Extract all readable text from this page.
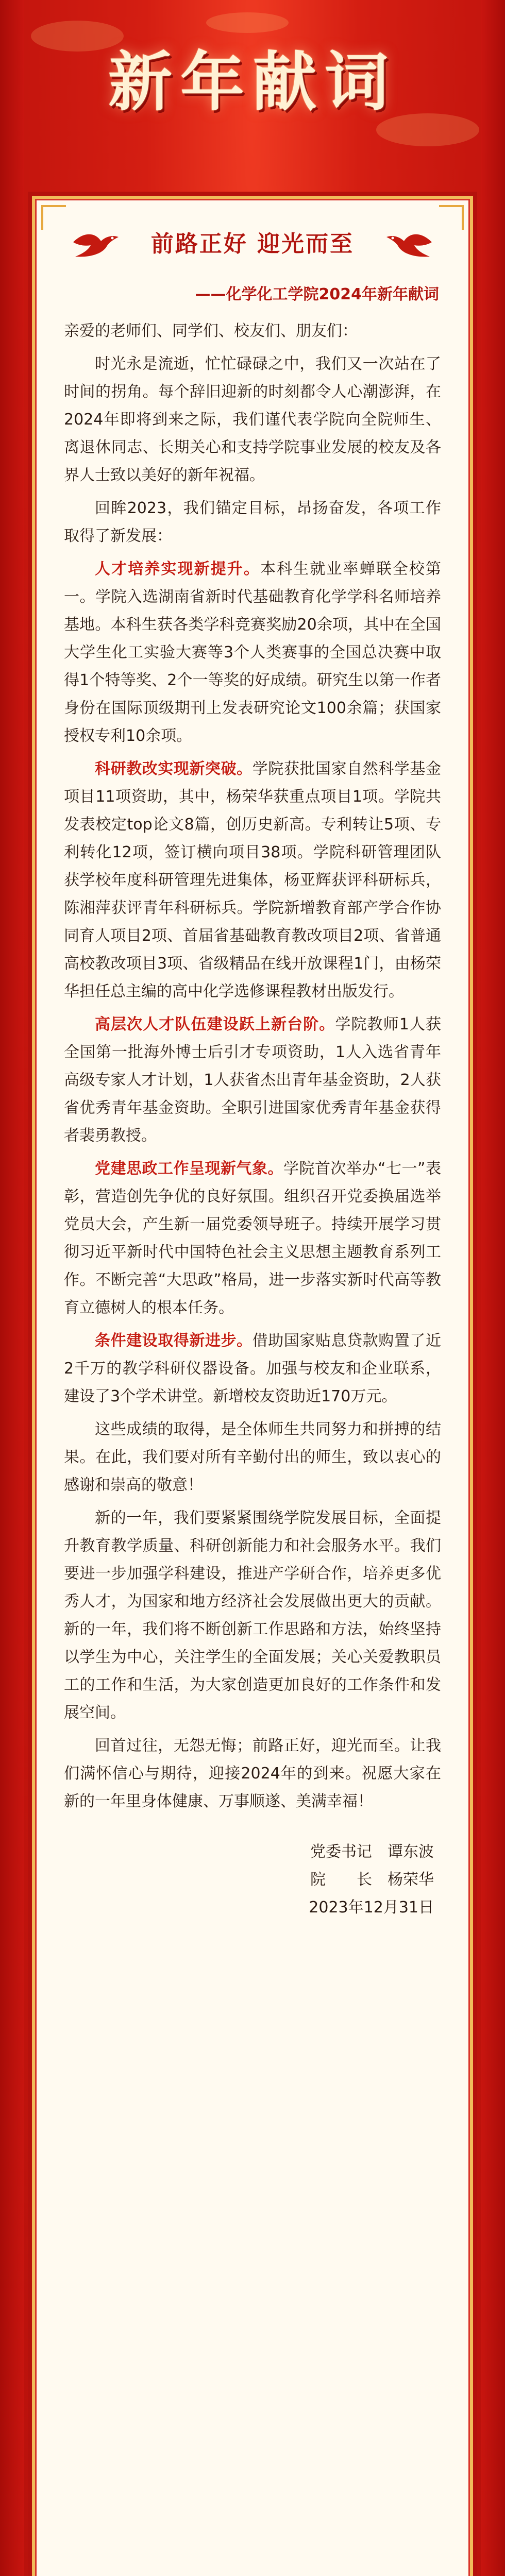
新年献词
前路正好 迎光而至
——化学化工学院2024年新年献词

亲爱的老师们、同学们、校友们、朋友们：

时光永是流逝，忙忙碌碌之中，我们又一次站在了时间的拐角。每个辞旧迎新的时刻都令人心潮澎湃，在2024年即将到来之际，我们谨代表学院向全院师生、离退休同志、长期关心和支持学院事业发展的校友及各界人士致以美好的新年祝福。

回眸2023，我们锚定目标，昂扬奋发，各项工作取得了新发展：

人才培养实现新提升。本科生就业率蝉联全校第一。学院入选湖南省新时代基础教育化学学科名师培养基地。本科生获各类学科竞赛奖励20余项，其中在全国大学生化工实验大赛等3个人类赛事的全国总决赛中取得1个特等奖、2个一等奖的好成绩。研究生以第一作者身份在国际顶级期刊上发表研究论文100余篇；获国家授权专利10余项。

科研教改实现新突破。学院获批国家自然科学基金项目11项资助，其中，杨荣华获重点项目1项。学院共发表校定top论文8篇，创历史新高。专利转让5项、专利转化12项，签订横向项目38项。学院科研管理团队获学校年度科研管理先进集体，杨亚辉获评科研标兵，陈湘萍获评青年科研标兵。学院新增教育部产学合作协同育人项目2项、首届省基础教育教改项目2项、省普通高校教改项目3项、省级精品在线开放课程1门，由杨荣华担任总主编的高中化学选修课程教材出版发行。

高层次人才队伍建设跃上新台阶。学院教师1人获全国第一批海外博士后引才专项资助，1人入选省青年高级专家人才计划，1人获省杰出青年基金资助，2人获省优秀青年基金资助。全职引进国家优秀青年基金获得者裴勇教授。

党建思政工作呈现新气象。学院首次举办“七一”表彰，营造创先争优的良好氛围。组织召开党委换届选举党员大会，产生新一届党委领导班子。持续开展学习贯彻习近平新时代中国特色社会主义思想主题教育系列工作。不断完善“大思政”格局，进一步落实新时代高等教育立德树人的根本任务。

条件建设取得新进步。借助国家贴息贷款购置了近2千万的教学科研仪器设备。加强与校友和企业联系，建设了3个学术讲堂。新增校友资助近170万元。

这些成绩的取得，是全体师生共同努力和拼搏的结果。在此，我们要对所有辛勤付出的师生，致以衷心的感谢和崇高的敬意！

新的一年，我们要紧紧围绕学院发展目标，全面提升教育教学质量、科研创新能力和社会服务水平。我们要进一步加强学科建设，推进产学研合作，培养更多优秀人才，为国家和地方经济社会发展做出更大的贡献。新的一年，我们将不断创新工作思路和方法，始终坚持以学生为中心，关注学生的全面发展；关心关爱教职员工的工作和生活，为大家创造更加良好的工作条件和发展空间。

回首过往，无怨无悔；前路正好，迎光而至。让我们满怀信心与期待，迎接2024年的到来。祝愿大家在新的一年里身体健康、万事顺遂、美满幸福！

党委书记　谭东波
院　　长　杨荣华
2023年12月31日
